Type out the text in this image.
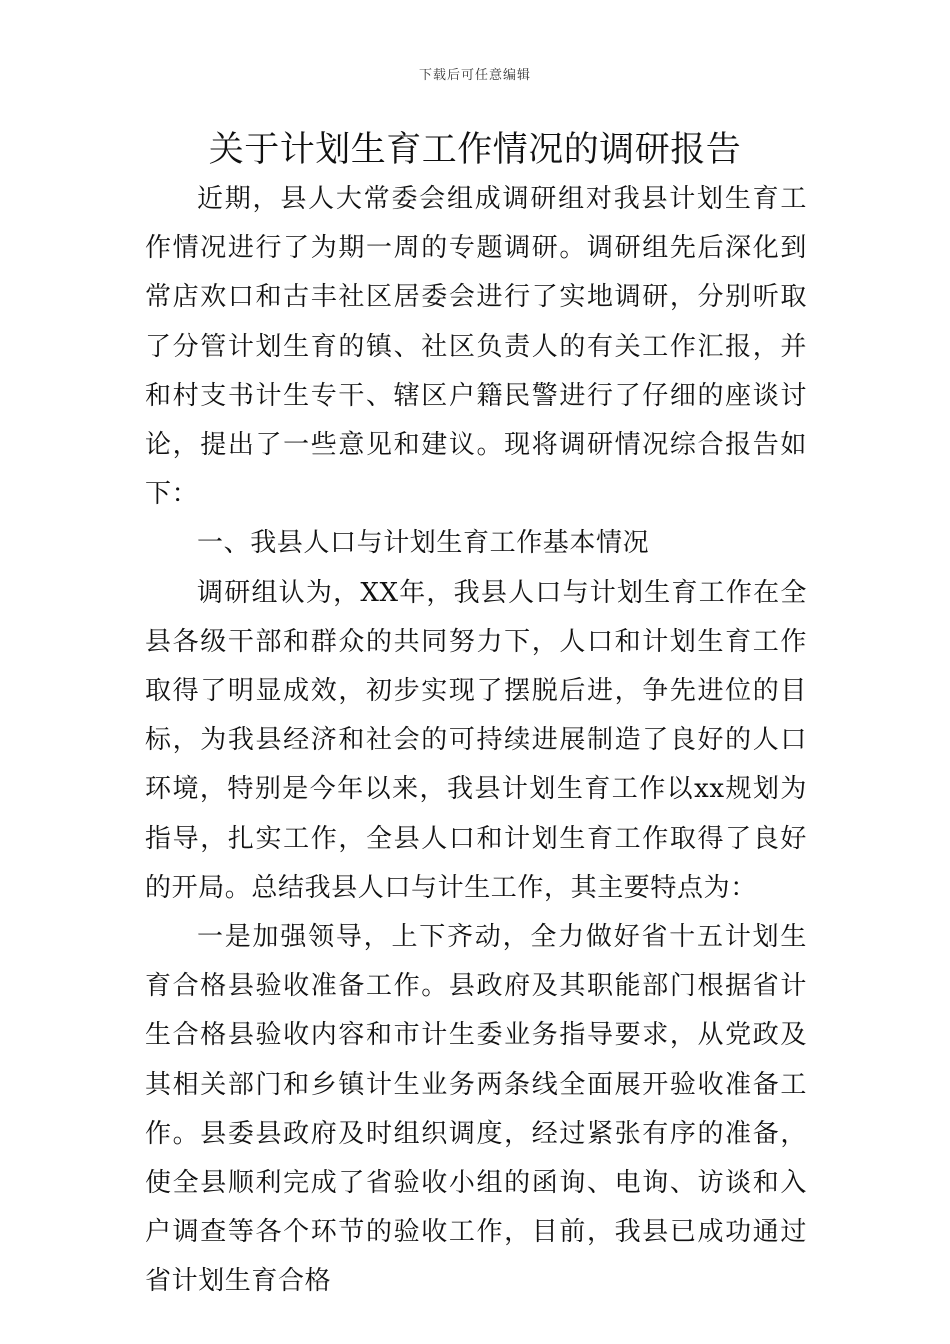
下载后可任意编辑
关于计划生育工作情况的调研报告

近期，县人大常委会组成调研组对我县计划生育工作情况进行了为期一周的专题调研。调研组先后深化到常店欢口和古丰社区居委会进行了实地调研，分别听取了分管计划生育的镇、社区负责人的有关工作汇报，并和村支书计生专干、辖区户籍民警进行了仔细的座谈讨论，提出了一些意见和建议。现将调研情况综合报告如下：

一、我县人口与计划生育工作基本情况

调研组认为，XX年，我县人口与计划生育工作在全县各级干部和群众的共同努力下，人口和计划生育工作取得了明显成效，初步实现了摆脱后进，争先进位的目标，为我县经济和社会的可持续进展制造了良好的人口环境，特别是今年以来，我县计划生育工作以xx规划为指导，扎实工作，全县人口和计划生育工作取得了良好的开局。总结我县人口与计生工作，其主要特点为：

一是加强领导，上下齐动，全力做好省十五计划生育合格县验收准备工作。县政府及其职能部门根据省计生合格县验收内容和市计生委业务指导要求，从党政及其相关部门和乡镇计生业务两条线全面展开验收准备工作。县委县政府及时组织调度，经过紧张有序的准备，使全县顺利完成了省验收小组的函询、电询、访谈和入户调查等各个环节的验收工作，目前，我县已成功通过省计划生育合格
